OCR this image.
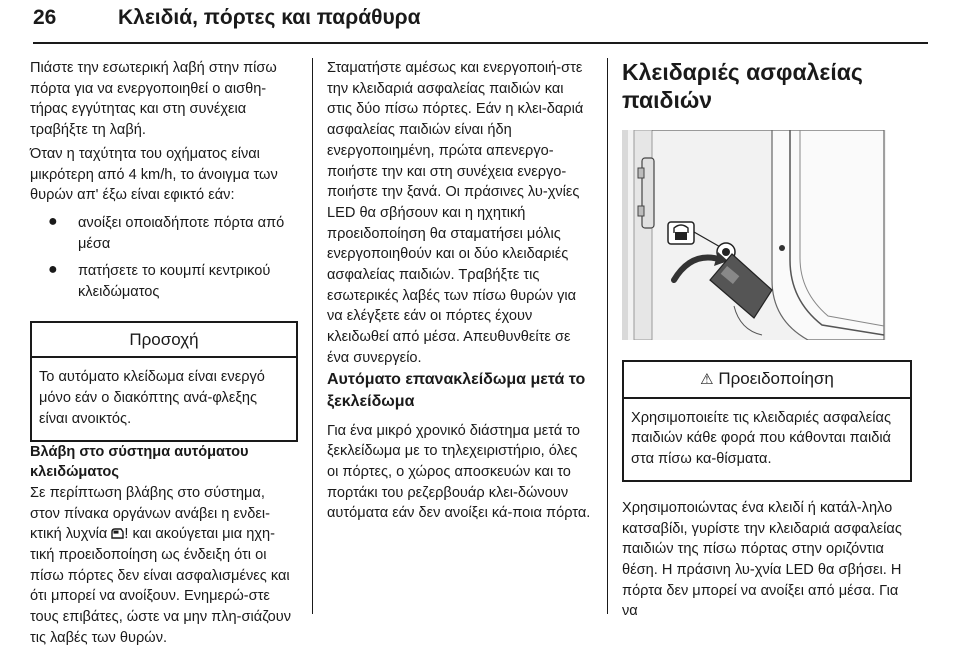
26	Κλειδιά, πόρτες και παράθυρα

Πιάστε την εσωτερική λαβή στην πίσω πόρτα για να ενεργοποιηθεί ο αισθη-τήρας εγγύτητας και στη συνέχεια τραβήξτε τη λαβή.

Όταν η ταχύτητα του οχήματος είναι μικρότερη από 4 km/h, το άνοιγμα των θυρών απ' έξω είναι εφικτό εάν:

● ανοίξει οποιαδήποτε πόρτα από μέσα
● πατήσετε το κουμπί κεντρικού κλειδώματος
Προσοχή
Το αυτόματο κλείδωμα είναι ενεργό μόνο εάν ο διακόπτης ανά-φλεξης είναι ανοικτός.

Βλάβη στο σύστημα αυτόματου κλειδώματος

Σε περίπτωση βλάβης στο σύστημα, στον πίνακα οργάνων ανάβει η ενδει-κτική λυχνία ! και ακούγεται μια ηχη-τική προειδοποίηση ως ένδειξη ότι οι πίσω πόρτες δεν είναι ασφαλισμένες και ότι μπορεί να ανοίξουν. Ενημερώ-στε τους επιβάτες, ώστε να μην πλη-σιάζουν τις λαβές των θυρών.

Σταματήστε αμέσως και ενεργοποιή-στε την κλειδαριά ασφαλείας παιδιών και στις δύο πίσω πόρτες. Εάν η κλει-δαριά ασφαλείας παιδιών είναι ήδη ενεργοποιημένη, πρώτα απενεργο-ποιήστε την και στη συνέχεια ενεργο-ποιήστε την ξανά. Οι πράσινες λυ-χνίες LED θα σβήσουν και η ηχητική προειδοποίηση θα σταματήσει μόλις ενεργοποιηθούν και οι δύο κλειδαριές ασφαλείας παιδιών. Τραβήξτε τις εσωτερικές λαβές των πίσω θυρών για να ελέγξετε εάν οι πόρτες έχουν κλειδωθεί από μέσα. Απευθυνθείτε σε ένα συνεργείο.

Αυτόματο επανακλείδωμα μετά το ξεκλείδωμα

Για ένα μικρό χρονικό διάστημα μετά το ξεκλείδωμα με το τηλεχειριστήριο, όλες οι πόρτες, ο χώρος αποσκευών και το πορτάκι του ρεζερβουάρ κλει-δώνουν αυτόματα εάν δεν ανοίξει κά-ποια πόρτα.

Κλειδαριές ασφαλείας παιδιών

⚠ Προειδοποίηση
Χρησιμοποιείτε τις κλειδαριές ασφαλείας παιδιών κάθε φορά που κάθονται παιδιά στα πίσω κα-θίσματα.

Χρησιμοποιώντας ένα κλειδί ή κατάλ-ληλο κατσαβίδι, γυρίστε την κλειδαριά ασφαλείας παιδιών της πίσω πόρτας στην οριζόντια θέση. Η πράσινη λυ-χνία LED θα σβήσει. Η πόρτα δεν μπορεί να ανοίξει από μέσα. Για να
